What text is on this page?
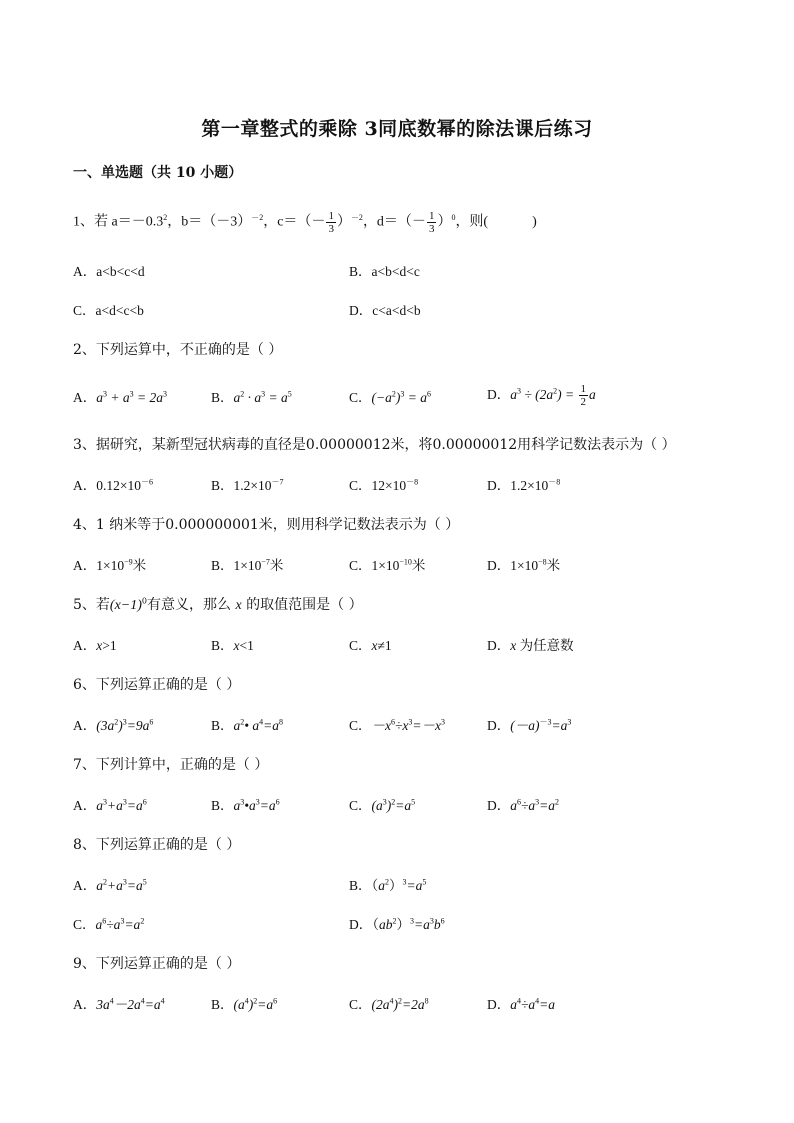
第一章整式的乘除 3同底数幂的除法课后练习
一、单选题（共 10 小题）
1、若 $a=-0.3^2$，$b=(-3)^{-2}$，$c=(- \frac{1}{3} )^{-2}$，$d=(- \frac{1}{3} )^0$，则(	)
A．a<b<c<d	B．a<b<d<c
C．a<d<c<b	D．c<a<d<b
2、下列运算中，不正确的是（ ）
A．$a^3 + a^3 = 2a^3$	B．$a^2 \cdot a^3 = a^5$	C．$(-a^2)^3 = a^6$	D．$a^3 \div (2a^2) = \frac{1}{2}$ a
3、据研究，某新型冠状病毒的直径是0.00000012米，将0.00000012用科学记数法表示为（ ）
A．$0.12\times 10^{-6}$	B．$1.2\times 10^{-7}$	C．$12\times 10^{-8}$	D．$1.2\times 10^{-8}$
4、1 纳米等于0.000000001米，则用科学记数法表示为（ ）
A．$1\times 10^{-9}$米	B．$1\times 10^{-7}$米	C．$1\times 10^{-10}$米	D．$1\times 10^{-8}$米
5、若$(x-1)^0$有意义，那么 x 的取值范围是（ ）
A．x>1	B．x<1	C．x≠1	D．x 为任意数
6、下列运算正确的是（ ）
A．$(3a^2)^3=9a^6$	B．$a^2•$ $a^4=a^8$	C．$-x^6\div x^3=-x^3$	D．$(-a)^{-3}=a^3$
7、下列计算中，正确的是（ ）
A．$a^3+a^3=a^6$	B．$a^3•a^3=a^6$	C．$(a^3)^2=a^5$	D．$a^6\div a^3=a^2$
8、下列运算正确的是（ ）
A．$a^2+a^3=a^5$	B．$(a^2)^3=a^5$
C．$a^6\div a^3=a^2$	D．$(ab^2)^3=a^3b^6$
9、下列运算正确的是（ ）
A．$3a^4-2a^4=a^4$	B．$(a^4)^2=a^6$	C．$(2a^4)^2=2a^8$	D．$a^4\div a^4=a$
